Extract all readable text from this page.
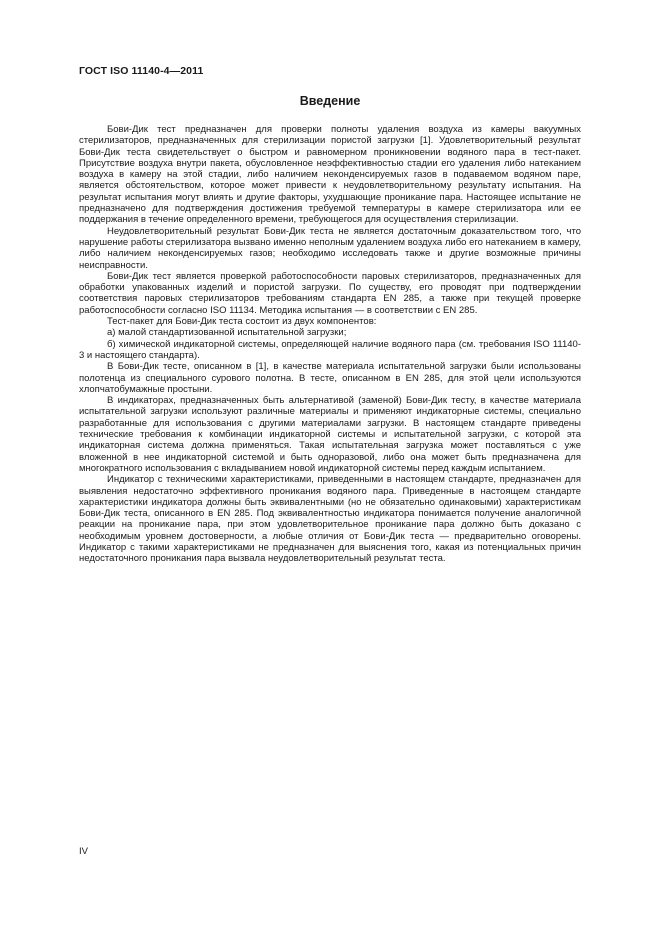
ГОСТ ISO 11140-4—2011
Введение

Бови-Дик тест предназначен для проверки полноты удаления воздуха из камеры вакуумных стерилизаторов, предназначенных для стерилизации пористой загрузки [1]. Удовлетворительный результат Бови-Дик теста свидетельствует о быстром и равномерном проникновении водяного пара в тест-пакет. Присутствие воздуха внутри пакета, обусловленное неэффективностью стадии его удаления либо натеканием воздуха в камеру на этой стадии, либо наличием неконденсируемых газов в подаваемом водяном паре, является обстоятельством, которое может привести к неудовлетворительному результату испытания. На результат испытания могут влиять и другие факторы, ухудшающие проникание пара. Настоящее испытание не предназначено для подтверждения достижения требуемой температуры в камере стерилизатора или ее поддержания в течение определенного времени, требующегося для осуществления стерилизации.

Неудовлетворительный результат Бови-Дик теста не является достаточным доказательством того, что нарушение работы стерилизатора вызвано именно неполным удалением воздуха либо его натеканием в камеру, либо наличием неконденсируемых газов; необходимо исследовать также и другие возможные причины неисправности.

Бови-Дик тест является проверкой работоспособности паровых стерилизаторов, предназначенных для обработки упакованных изделий и пористой загрузки. По существу, его проводят при подтверждении соответствия паровых стерилизаторов требованиям стандарта EN 285, а также при текущей проверке работоспособности согласно ISO 11134. Методика испытания — в соответствии с EN 285.

Тест-пакет для Бови-Дик теста состоит из двух компонентов:

а) малой стандартизованной испытательной загрузки;

б) химической индикаторной системы, определяющей наличие водяного пара (см. требования ISO 11140-3 и настоящего стандарта).

В Бови-Дик тесте, описанном в [1], в качестве материала испытательной загрузки были использованы полотенца из специального сурового полотна. В тесте, описанном в EN 285, для этой цели используются хлопчатобумажные простыни.

В индикаторах, предназначенных быть альтернативой (заменой) Бови-Дик тесту, в качестве материала испытательной загрузки используют различные материалы и применяют индикаторные системы, специально разработанные для использования с другими материалами загрузки. В настоящем стандарте приведены технические требования к комбинации индикаторной системы и испытательной загрузки, с которой эта индикаторная система должна применяться. Такая испытательная загрузка может поставляться с уже вложенной в нее индикаторной системой и быть одноразовой, либо она может быть предназначена для многократного использования с вкладыванием новой индикаторной системы перед каждым испытанием.

Индикатор с техническими характеристиками, приведенными в настоящем стандарте, предназначен для выявления недостаточно эффективного проникания водяного пара. Приведенные в настоящем стандарте характеристики индикатора должны быть эквивалентными (но не обязательно одинаковыми) характеристикам Бови-Дик теста, описанного в EN 285. Под эквивалентностью индикатора понимается получение аналогичной реакции на проникание пара, при этом удовлетворительное проникание пара должно быть доказано с необходимым уровнем достоверности, а любые отличия от Бови-Дик теста — предварительно оговорены. Индикатор с такими характеристиками не предназначен для выяснения того, какая из потенциальных причин недостаточного проникания пара вызвала неудовлетворительный результат теста.

IV
